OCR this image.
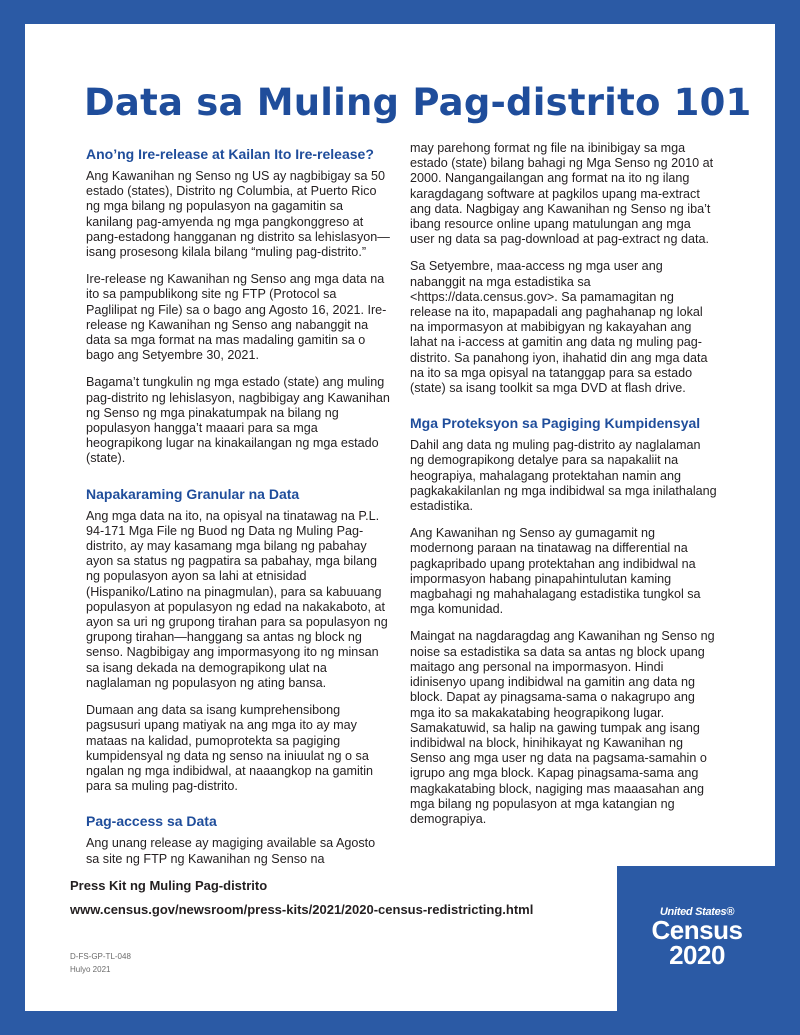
Data sa Muling Pag-distrito 101
Ano’ng Ire-release at Kailan Ito Ire-release?

Ang Kawanihan ng Senso ng US ay nagbibigay sa 50 estado (states), Distrito ng Columbia, at Puerto Rico ng mga bilang ng populasyon na gagamitin sa kanilang pag-amyenda ng mga pangkonggreso at pang-estadong hangganan ng distrito sa lehislasyon—isang prosesong kilala bilang “muling pag-distrito.”

Ire-release ng Kawanihan ng Senso ang mga data na ito sa pampublikong site ng FTP (Protocol sa Paglilipat ng File) sa o bago ang Agosto 16, 2021. Ire-release ng Kawanihan ng Senso ang nabanggit na data sa mga format na mas madaling gamitin sa o bago ang Setyembre 30, 2021.

Bagama’t tungkulin ng mga estado (state) ang muling pag-distrito ng lehislasyon, nagbibigay ang Kawanihan ng Senso ng mga pinakatumpak na bilang ng populasyon hangga’t maaari para sa mga heograpikong lugar na kinakailangan ng mga estado (state).

Napakaraming Granular na Data

Ang mga data na ito, na opisyal na tinatawag na P.L. 94-171 Mga File ng Buod ng Data ng Muling Pag-distrito, ay may kasamang mga bilang ng pabahay ayon sa status ng pagpatira sa pabahay, mga bilang ng populasyon ayon sa lahi at etnisidad (Hispaniko/Latino na pinagmulan), para sa kabuuang populasyon at populasyon ng edad na nakakaboto, at ayon sa uri ng grupong tirahan para sa populasyon ng grupong tirahan—hanggang sa antas ng block ng senso. Nagbibigay ang impormasyong ito ng minsan sa isang dekada na demograpikong ulat na naglalaman ng populasyon ng ating bansa.

Dumaan ang data sa isang kumprehensibong pagsusuri upang matiyak na ang mga ito ay may mataas na kalidad, pumoprotekta sa pagiging kumpidensyal ng data ng senso na iniuulat ng o sa ngalan ng mga indibidwal, at naaangkop na gamitin para sa muling pag-distrito.

Pag-access sa Data

Ang unang release ay magiging available sa Agosto sa site ng FTP ng Kawanihan ng Senso na

may parehong format ng file na ibinibigay sa mga estado (state) bilang bahagi ng Mga Senso ng 2010 at 2000. Nangangailangan ang format na ito ng ilang karagdagang software at pagkilos upang ma-extract ang data. Nagbigay ang Kawanihan ng Senso ng iba’t ibang resource online upang matulungan ang mga user ng data sa pag-download at pag-extract ng data.

Sa Setyembre, maa-access ng mga user ang nabanggit na mga estadistika sa <https://data.census.gov>. Sa pamamagitan ng release na ito, mapapadali ang paghahanap ng lokal na impormasyon at mabibigyan ng kakayahan ang lahat na i-access at gamitin ang data ng muling pag-distrito. Sa panahong iyon, ihahatid din ang mga data na ito sa mga opisyal na tatanggap para sa estado (state) sa isang toolkit sa mga DVD at flash drive.

Mga Proteksyon sa Pagiging Kumpidensyal

Dahil ang data ng muling pag-distrito ay naglalaman ng demograpikong detalye para sa napakaliit na heograpiya, mahalagang protektahan namin ang pagkakakilanlan ng mga indibidwal sa mga inilathalang estadistika.

Ang Kawanihan ng Senso ay gumagamit ng modernong paraan na tinatawag na differential na pagkapribado upang protektahan ang indibidwal na impormasyon habang pinapahintulutan kaming magbahagi ng mahahalagang estadistika tungkol sa mga komunidad.

Maingat na nagdaragdag ang Kawanihan ng Senso ng noise sa estadistika sa data sa antas ng block upang maitago ang personal na impormasyon. Hindi idinisenyo upang indibidwal na gamitin ang data ng block. Dapat ay pinagsama-sama o nakagrupo ang mga ito sa makakatabing heograpikong lugar. Samakatuwid, sa halip na gawing tumpak ang isang indibidwal na block, hinihikayat ng Kawanihan ng Senso ang mga user ng data na pagsama-samahin o igrupo ang mga block. Kapag pinagsama-sama ang magkakatabing block, nagiging mas maaasahan ang mga bilang ng populasyon at mga katangian ng demograpiya.

Press Kit ng Muling Pag-distrito

www.census.gov/newsroom/press-kits/2021/2020-census-redistricting.html

D-FS-GP-TL-048

Hulyo 2021

United States®
Census
2020
